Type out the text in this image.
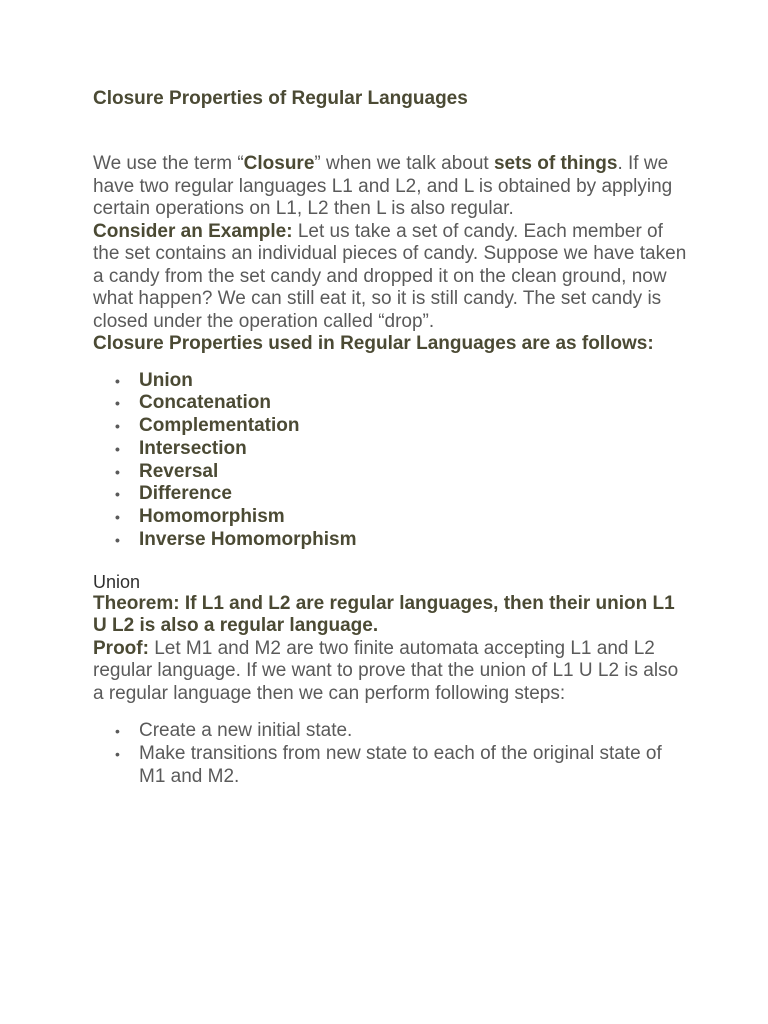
Closure Properties of Regular Languages

We use the term “Closure” when we talk about sets of things. If we have two regular languages L1 and L2, and L is obtained by applying certain operations on L1, L2 then L is also regular.

Consider an Example: Let us take a set of candy. Each member of the set contains an individual pieces of candy. Suppose we have taken a candy from the set candy and dropped it on the clean ground, now what happen? We can still eat it, so it is still candy. The set candy is closed under the operation called “drop”.

Closure Properties used in Regular Languages are as follows:

• Union
• Concatenation
• Complementation
• Intersection
• Reversal
• Difference
• Homomorphism
• Inverse Homomorphism

Union

Theorem: If L1 and L2 are regular languages, then their union L1 U L2 is also a regular language.

Proof: Let M1 and M2 are two finite automata accepting L1 and L2 regular language. If we want to prove that the union of L1 U L2 is also a regular language then we can perform following steps:

• Create a new initial state.
• Make transitions from new state to each of the original state of M1 and M2.
